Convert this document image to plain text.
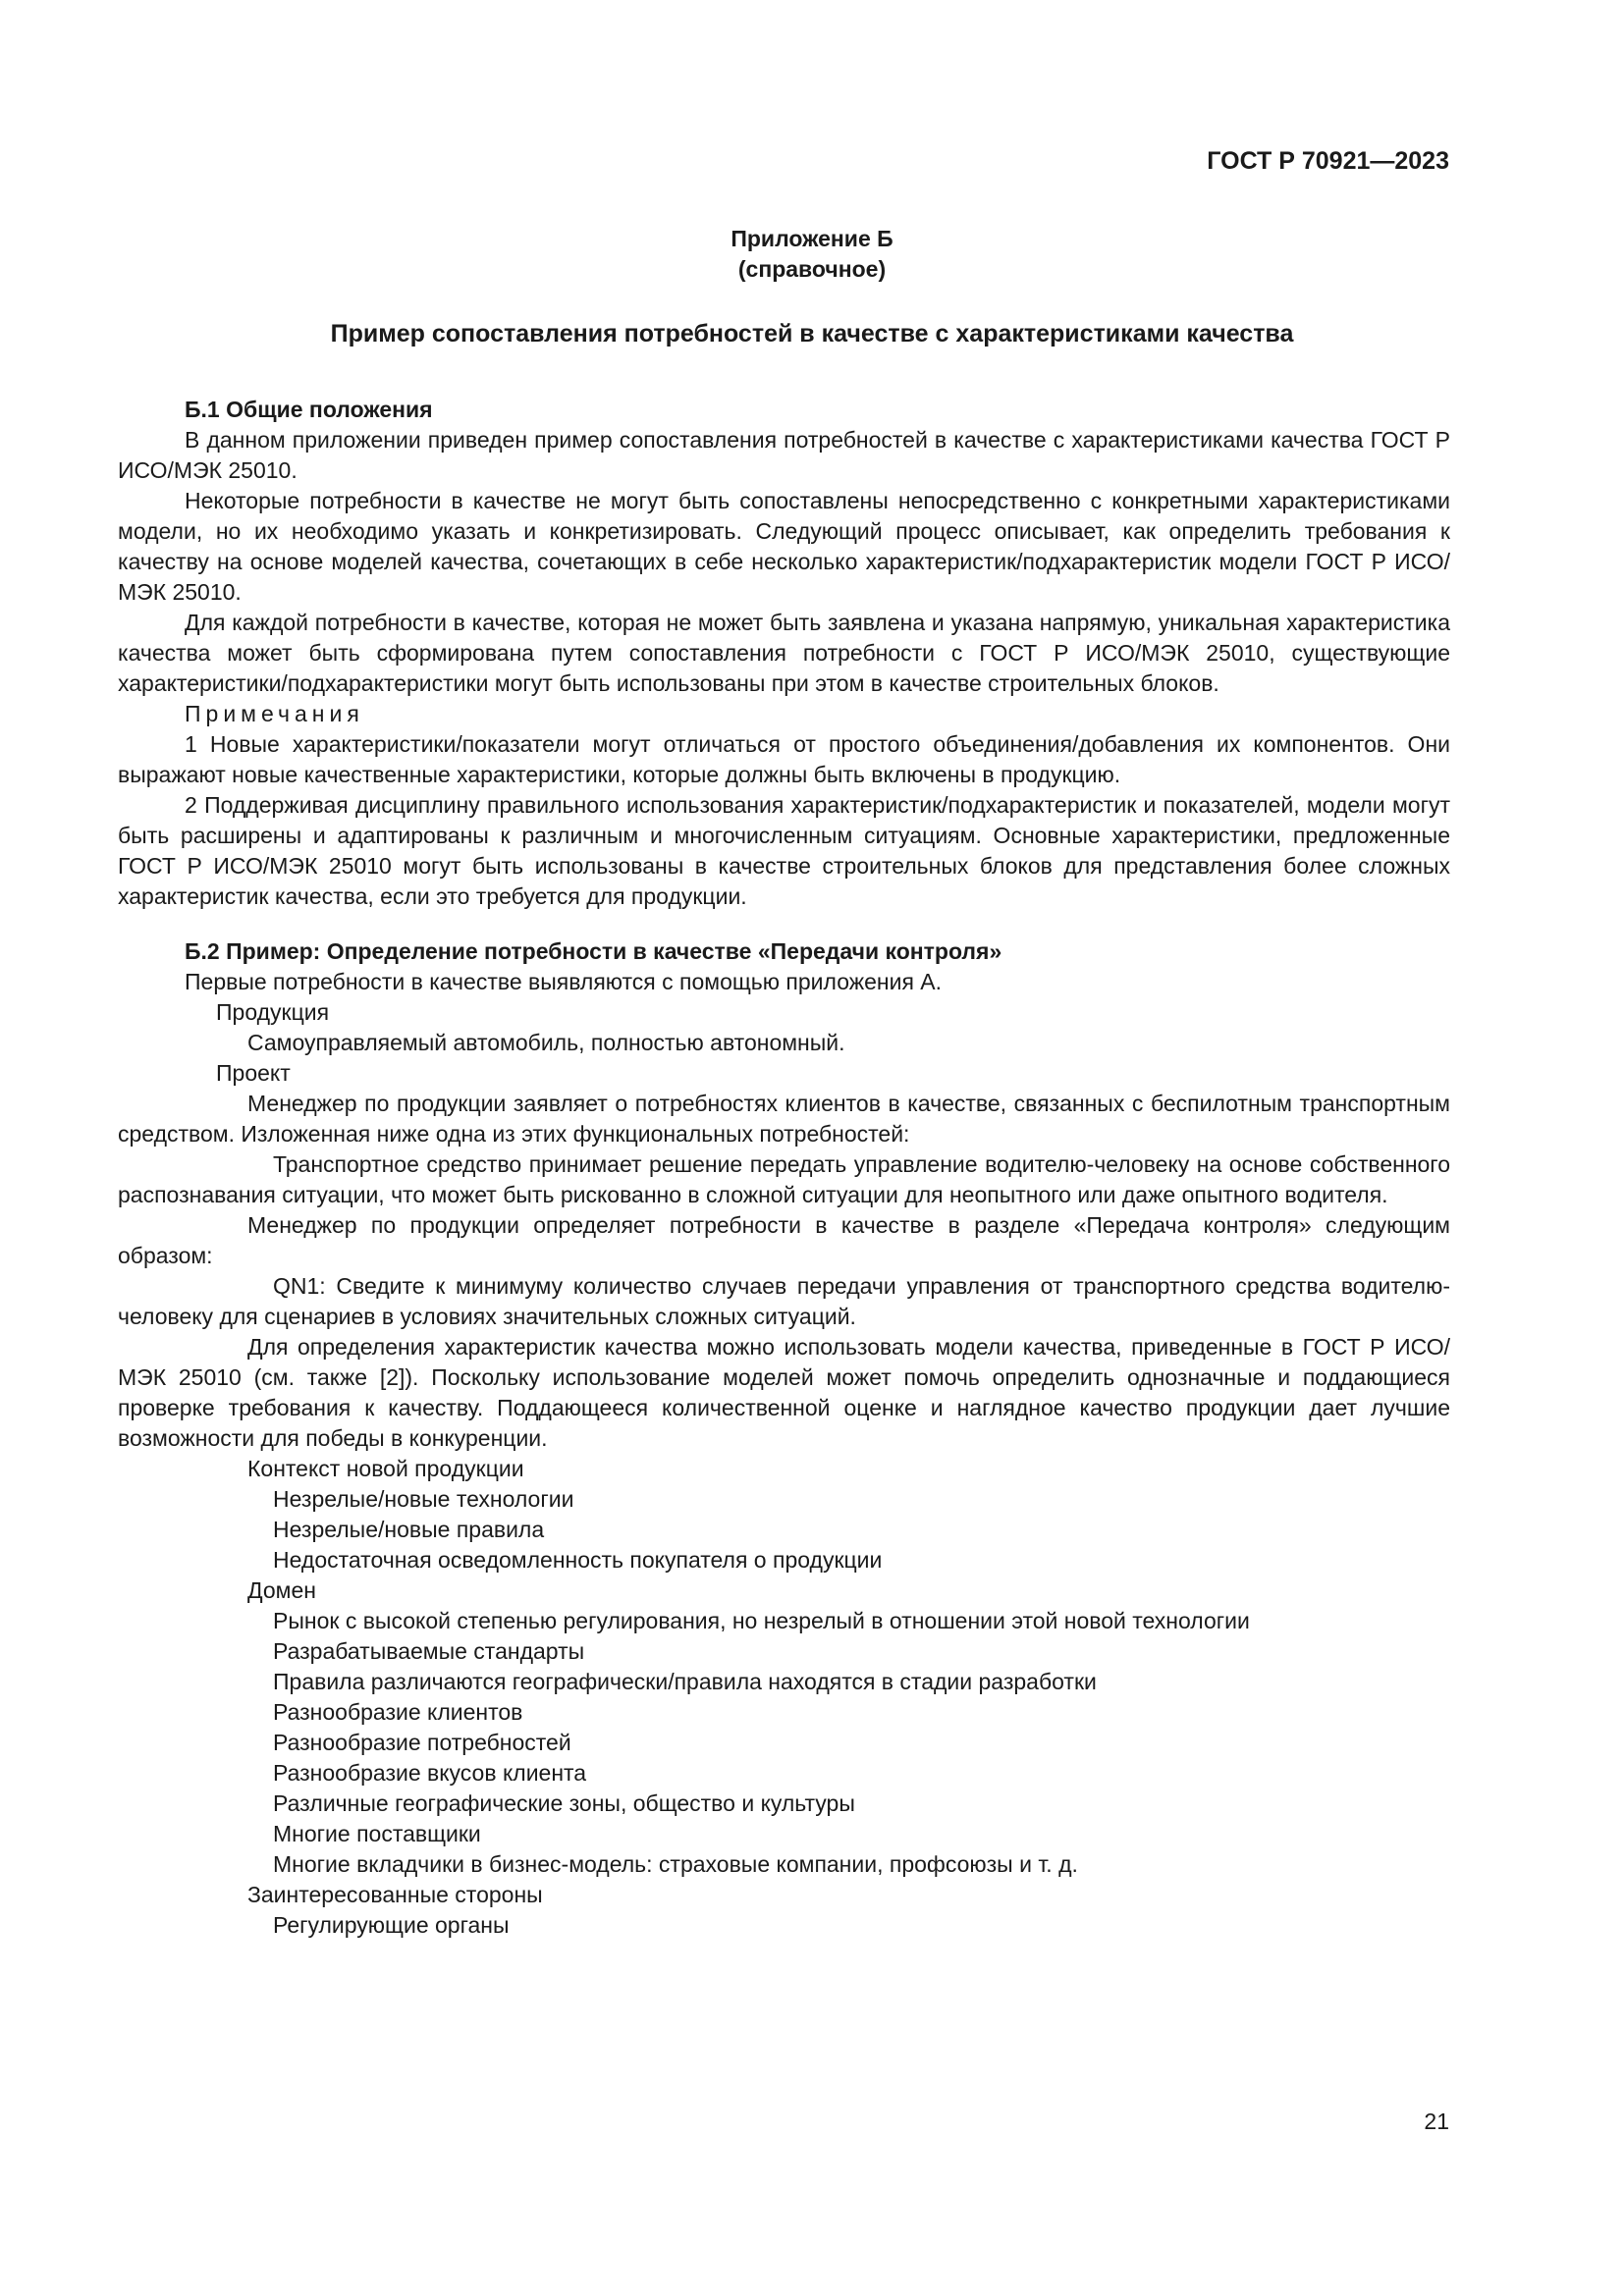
ГОСТ Р 70921—2023
Приложение Б
(справочное)
Пример сопоставления потребностей в качестве с характеристиками качества

Б.1 Общие положения

В данном приложении приведен пример сопоставления потребностей в качестве с характеристиками качества ГОСТ Р ИСО/МЭК 25010.

Некоторые потребности в качестве не могут быть сопоставлены непосредственно с конкретными характеристиками модели, но их необходимо указать и конкретизировать. Следующий процесс описывает, как определить требования к качеству на основе моделей качества, сочетающих в себе несколько характеристик/подхарактеристик модели ГОСТ Р ИСО/МЭК 25010.

Для каждой потребности в качестве, которая не может быть заявлена и указана напрямую, уникальная характеристика качества может быть сформирована путем сопоставления потребности с ГОСТ Р ИСО/МЭК 25010, существующие характеристики/подхарактеристики могут быть использованы при этом в качестве строительных блоков.

Примечания

1 Новые характеристики/показатели могут отличаться от простого объединения/добавления их компонентов. Они выражают новые качественные характеристики, которые должны быть включены в продукцию.

2 Поддерживая дисциплину правильного использования характеристик/подхарактеристик и показателей, модели могут быть расширены и адаптированы к различным и многочисленным ситуациям. Основные характеристики, предложенные ГОСТ Р ИСО/МЭК 25010 могут быть использованы в качестве строительных блоков для представления более сложных характеристик качества, если это требуется для продукции.

Б.2 Пример: Определение потребности в качестве «Передачи контроля»

Первые потребности в качестве выявляются с помощью приложения А.

Продукция

Самоуправляемый автомобиль, полностью автономный.

Проект

Менеджер по продукции заявляет о потребностях клиентов в качестве, связанных с беспилотным транспортным средством. Изложенная ниже одна из этих функциональных потребностей:

Транспортное средство принимает решение передать управление водителю-человеку на основе собственного распознавания ситуации, что может быть рискованно в сложной ситуации для неопытного или даже опытного водителя.

Менеджер по продукции определяет потребности в качестве в разделе «Передача контроля» следующим образом:

QN1: Сведите к минимуму количество случаев передачи управления от транспортного средства водителю-человеку для сценариев в условиях значительных сложных ситуаций.

Для определения характеристик качества можно использовать модели качества, приведенные в ГОСТ Р ИСО/МЭК 25010 (см. также [2]). Поскольку использование моделей может помочь определить однозначные и поддающиеся проверке требования к качеству. Поддающееся количественной оценке и наглядное качество продукции дает лучшие возможности для победы в конкуренции.

Контекст новой продукции

Незрелые/новые технологии

Незрелые/новые правила

Недостаточная осведомленность покупателя о продукции

Домен

Рынок с высокой степенью регулирования, но незрелый в отношении этой новой технологии

Разрабатываемые стандарты

Правила различаются географически/правила находятся в стадии разработки

Разнообразие клиентов

Разнообразие потребностей

Разнообразие вкусов клиента

Различные географические зоны, общество и культуры

Многие поставщики

Многие вкладчики в бизнес-модель: страховые компании, профсоюзы и т. д.

Заинтересованные стороны

Регулирующие органы

21
